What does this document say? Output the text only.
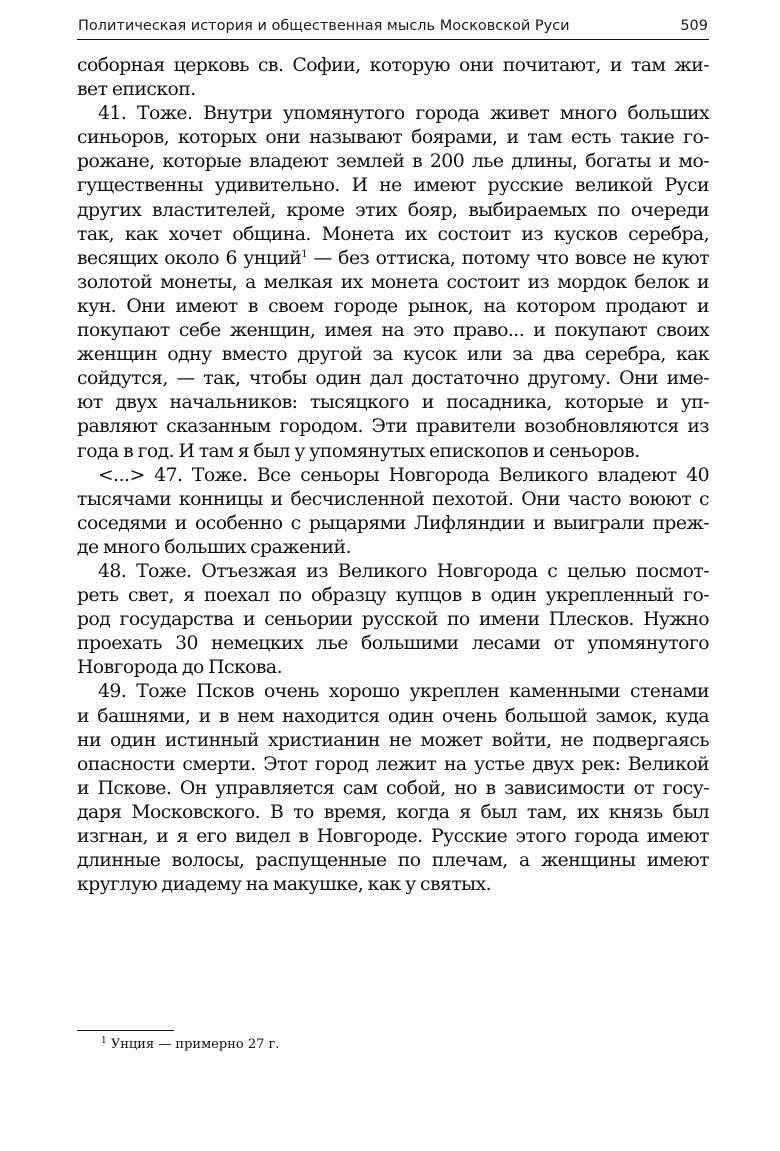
Политическая история и общественная мысль Московской Руси	509

соборная церковь св. Софии, которую они почитают, и там жи-
вет епископ.

41. Тоже. Внутри упомянутого города живет много больших
синьоров, которых они называют боярами, и там есть такие го-
рожане, которые владеют землей в 200 лье длины, богаты и мо-
гущественны удивительно. И не имеют русские великой Руси
других властителей, кроме этих бояр, выбираемых по очереди
так, как хочет община. Монета их состоит из кусков серебра,
весящих около 6 унций$^1$ — без оттиска, потому что вовсе не куют
золотой монеты, а мелкая их монета состоит из мордок белок и
кун. Они имеют в своем городе рынок, на котором продают и
покупают себе женщин, имея на это право... и покупают своих
женщин одну вместо другой за кусок или за два серебра, как
сойдутся, — так, чтобы один дал достаточно другому. Они име-
ют двух начальников: тысяцкого и посадника, которые и уп-
равляют сказанным городом. Эти правители возобновляются из
года в год. И там я был у упомянутых епископов и сеньоров.

<...> 47. Тоже. Все сеньоры Новгорода Великого владеют 40
тысячами конницы и бесчисленной пехотой. Они часто воюют с
соседями и особенно с рыцарями Лифляндии и выиграли преж-
де много больших сражений.

48. Тоже. Отъезжая из Великого Новгорода с целью посмот-
реть свет, я поехал по образцу купцов в один укрепленный го-
род государства и сеньории русской по имени Плесков. Нужно
проехать 30 немецких лье большими лесами от упомянутого
Новгорода до Пскова.

49. Тоже Псков очень хорошо укреплен каменными стенами
и башнями, и в нем находится один очень большой замок, куда
ни один истинный христианин не может войти, не подвергаясь
опасности смерти. Этот город лежит на устье двух рек: Великой
и Пскове. Он управляется сам собой, но в зависимости от госу-
даря Московского. В то время, когда я был там, их князь был
изгнан, и я его видел в Новгороде. Русские этого города имеют
длинные волосы, распущенные по плечам, а женщины имеют
круглую диадему на макушке, как у святых.

$^1$ Унция — примерно 27 г.
